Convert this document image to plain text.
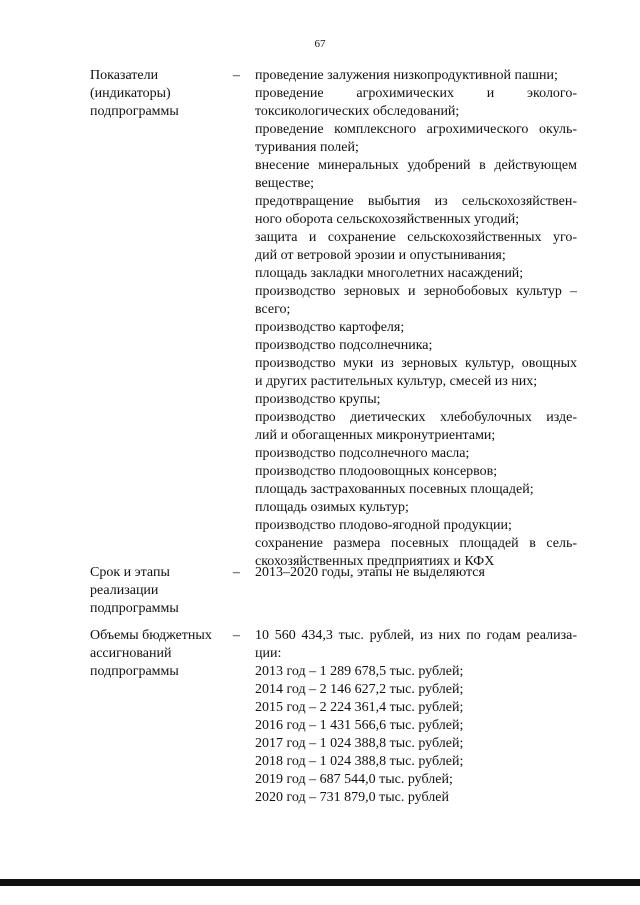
67
Показатели
(индикаторы)
подпрограммы
– проведение залужения низкопродуктивной пашни;
проведение агрохимических и эколого-
токсикологических обследований;
проведение комплексного агрохимического окуль-
туривания полей;
внесение минеральных удобрений в действующем
веществе;
предотвращение выбытия из сельскохозяйствен-
ного оборота сельскохозяйственных угодий;
защита и сохранение сельскохозяйственных уго-
дий от ветровой эрозии и опустынивания;
площадь закладки многолетних насаждений;
производство зерновых и зернобобовых культур –
всего;
производство картофеля;
производство подсолнечника;
производство муки из зерновых культур, овощных
и других растительных культур, смесей из них;
производство крупы;
производство диетических хлебобулочных изде-
лий и обогащенных микронутриентами;
производство подсолнечного масла;
производство плодоовощных консервов;
площадь застрахованных посевных площадей;
площадь озимых культур;
производство плодово-ягодной продукции;
сохранение размера посевных площадей в сель-
скохозяйственных предприятиях и КФХ
Срок и этапы
реализации
подпрограммы
– 2013–2020 годы, этапы не выделяются
Объемы бюджетных
ассигнований
подпрограммы
– 10 560 434,3 тыс. рублей, из них по годам реализа-
ции:
2013 год – 1 289 678,5 тыс. рублей;
2014 год – 2 146 627,2 тыс. рублей;
2015 год – 2 224 361,4 тыс. рублей;
2016 год – 1 431 566,6 тыс. рублей;
2017 год – 1 024 388,8 тыс. рублей;
2018 год – 1 024 388,8 тыс. рублей;
2019 год – 687 544,0 тыс. рублей;
2020 год – 731 879,0 тыс. рублей
